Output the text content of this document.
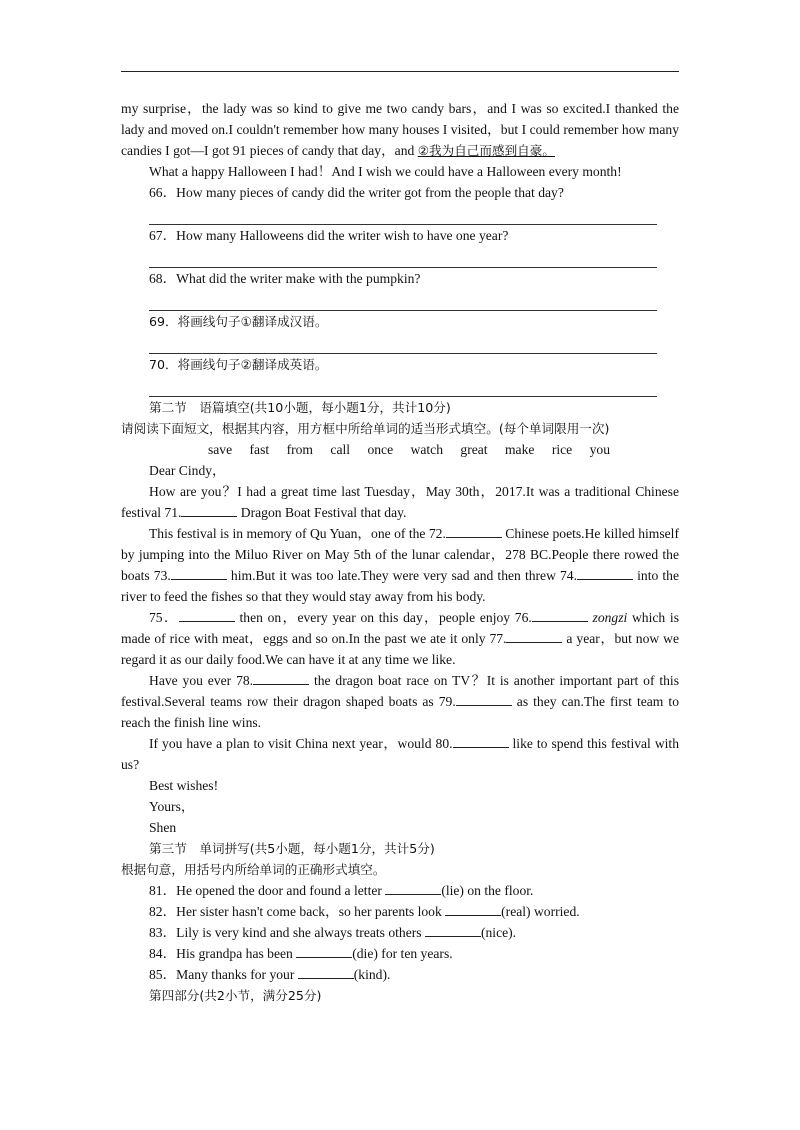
my surprise，the lady was so kind to give me two candy bars，and I was so excited.I thanked the lady and moved on.I couldn't remember how many houses I visited，but I could remember how many candies I got—I got 91 pieces of candy that day，and ②我为自己而感到自豪。

What a happy Halloween I had！And I wish we could have a Halloween every month!

66．How many pieces of candy did the writer got from the people that day?

67．How many Halloweens did the writer wish to have one year?

68．What did the writer make with the pumpkin?

69．将画线句子①翻译成汉语。

70．将画线句子②翻译成英语。

第二节　语篇填空(共10小题，每小题1分，共计10分)

请阅读下面短文，根据其内容，用方框中所给单词的适当形式填空。(每个单词限用一次)

save fast from call once watch great make rice you

Dear Cindy，

How are you？I had a great time last Tuesday，May 30th，2017.It was a traditional Chinese festival 71.	Dragon Boat Festival that day.

This festival is in memory of Qu Yuan，one of the 72.	Chinese poets.He killed himself by jumping into the Miluo River on May 5th of the lunar calendar，278 BC.People there rowed the boats 73.	him.But it was too late.They were very sad and then threw 74.	into the river to feed the fishes so that they would stay away from his body.

75．	then on，every year on this day，people enjoy 76.	zongzi which is made of rice with meat，eggs and so on.In the past we ate it only 77.	a year，but now we regard it as our daily food.We can have it at any time we like.

Have you ever 78.	the dragon boat race on TV？It is another important part of this festival.Several teams row their dragon shaped boats as 79.	as they can.The first team to reach the finish line wins.

If you have a plan to visit China next year，would 80.	like to spend this festival with us?

Best wishes!

Yours，

Shen

第三节　单词拼写(共5小题，每小题1分，共计5分)

根据句意，用括号内所给单词的正确形式填空。

81．He opened the door and found a letter	(lie) on the floor.

82．Her sister hasn't come back，so her parents look	(real) worried.

83．Lily is very kind and she always treats others	(nice).

84．His grandpa has been	(die) for ten years.

85．Many thanks for your	(kind).

第四部分(共2小节，满分25分)
